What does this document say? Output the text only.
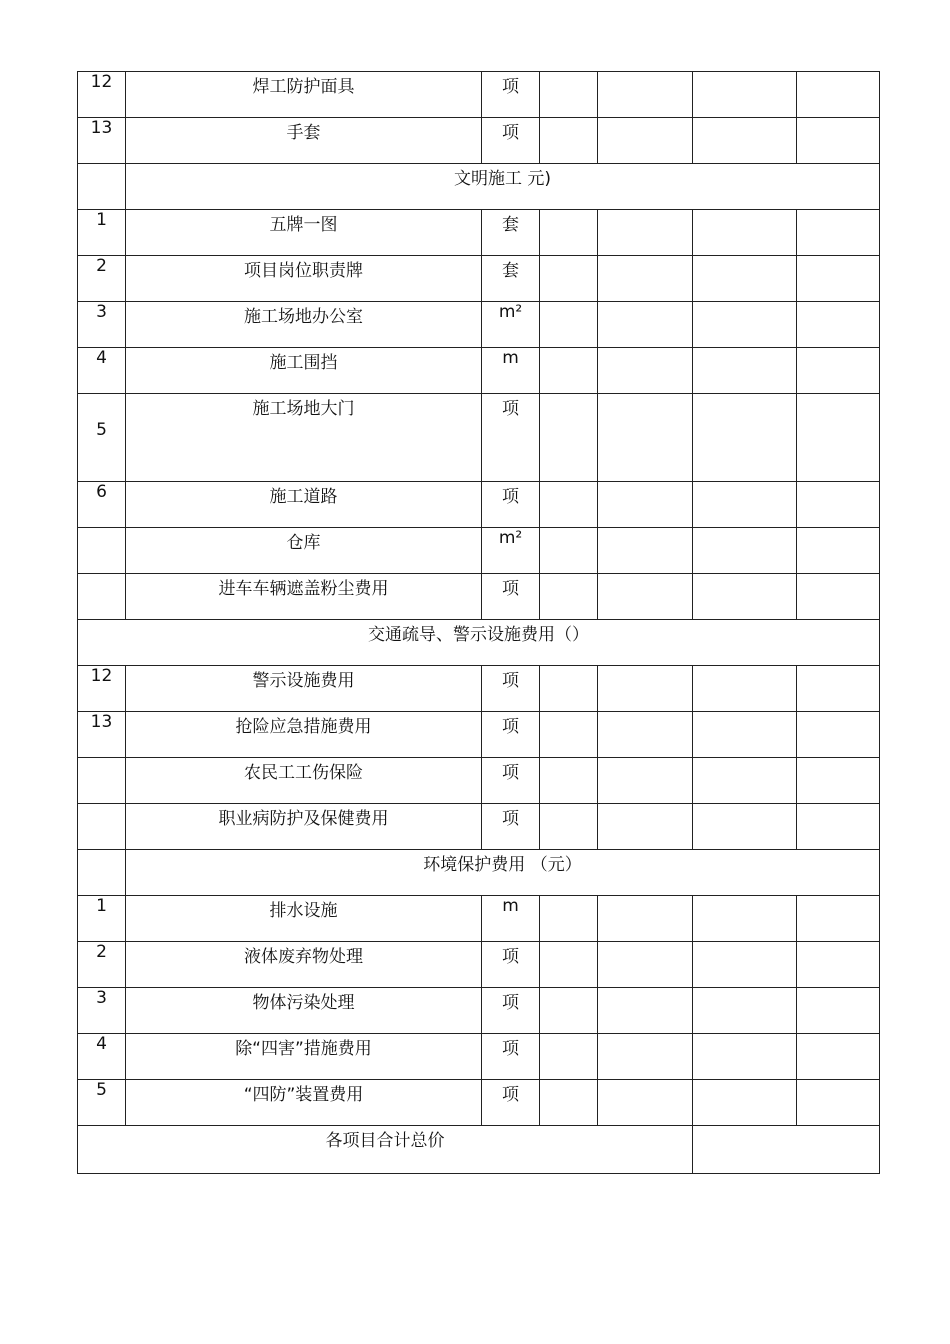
12	焊工防护面具	项				
13	手套	项				
	文明施工 元)					
1	五牌一图	套				
2	项目岗位职责牌	套				
3	施工场地办公室	m²				
4	施工围挡	m				
5	施工场地大门	项				
6	施工道路	项				
	仓库	m²				
	进车车辆遮盖粉尘费用	项				
交通疏导、警示设施费用（）						
12	警示设施费用	项				
13	抢险应急措施费用	项				
	农民工工伤保险	项				
	职业病防护及保健费用	项				
	环境保护费用 （元）					
1	排水设施	m				
2	液体废弃物处理	项				
3	物体污染处理	项				
4	除“四害”措施费用	项				
5	“四防”装置费用	项				
各项目合计总价						
